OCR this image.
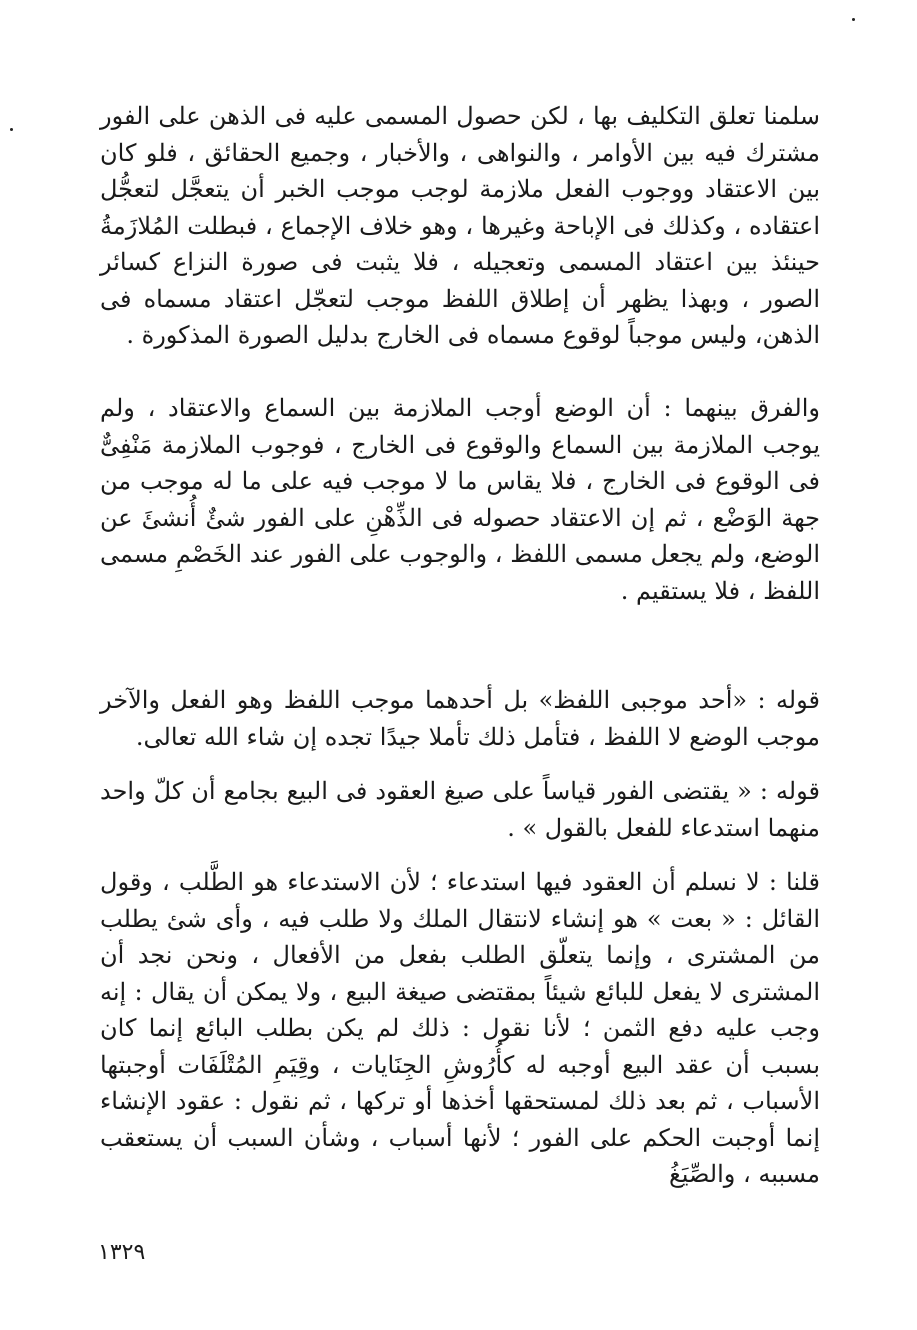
سلمنا تعلق التكليف بها ، لكن حصول المسمى عليه فى الذهن على الفور مشترك فيه بين الأوامر ، والنواهى ، والأخبار ، وجميع الحقائق ، فلو كان بين الاعتقاد ووجوب الفعل ملازمة لوجب موجب الخبر أن يتعجَّل لتعجُّل اعتقاده ، وكذلك فى الإباحة وغيرها ، وهو خلاف الإجماع ، فبطلت المُلازَمةُ حينئذ بين اعتقاد المسمى وتعجيله ، فلا يثبت فى صورة النزاع كسائر الصور ، وبهذا يظهر أن إطلاق اللفظ موجب لتعجّل اعتقاد مسماه فى الذهن، وليس موجباً لوقوع مسماه فى الخارج بدليل الصورة المذكورة .

والفرق بينهما : أن الوضع أوجب الملازمة بين السماع والاعتقاد ، ولم يوجب الملازمة بين السماع والوقوع فى الخارج ، فوجوب الملازمة مَنْفِىٌّ فى الوقوع فى الخارج ، فلا يقاس ما لا موجب فيه على ما له موجب من جهة الوَضْع ، ثم إن الاعتقاد حصوله فى الذِّهْنِ على الفور شئٌ أُنشئَ عن الوضع، ولم يجعل مسمى اللفظ ، والوجوب على الفور عند الخَصْمِ مسمى اللفظ ، فلا يستقيم .

قوله : «أحد موجبى اللفظ» بل أحدهما موجب اللفظ وهو الفعل والآخر موجب الوضع لا اللفظ ، فتأمل ذلك تأملا جيدًا تجده إن شاء الله تعالى.

قوله : « يقتضى الفور قياساً على صيغ العقود فى البيع بجامع أن كلّ واحد منهما استدعاء للفعل بالقول » .

قلنا : لا نسلم أن العقود فيها استدعاء ؛ لأن الاستدعاء هو الطَّلب ، وقول القائل : « بعت » هو إنشاء لانتقال الملك ولا طلب فيه ، وأى شئ يطلب من المشترى ، وإنما يتعلّق الطلب بفعل من الأفعال ، ونحن نجد أن المشترى لا يفعل للبائع شيئاً بمقتضى صيغة البيع ، ولا يمكن أن يقال : إنه وجب عليه دفع الثمن ؛ لأنا نقول : ذلك لم يكن بطلب البائع إنما كان بسبب أن عقد البيع أوجبه له كأُرُوشِ الجِنَايات ، وقِيَمِ المُتْلَفَات أوجبتها الأسباب ، ثم بعد ذلك لمستحقها أخذها أو تركها ، ثم نقول : عقود الإنشاء إنما أوجبت الحكم على الفور ؛ لأنها أسباب ، وشأن السبب أن يستعقب مسببه ، والصِّيَغُ

١٣٢٩
